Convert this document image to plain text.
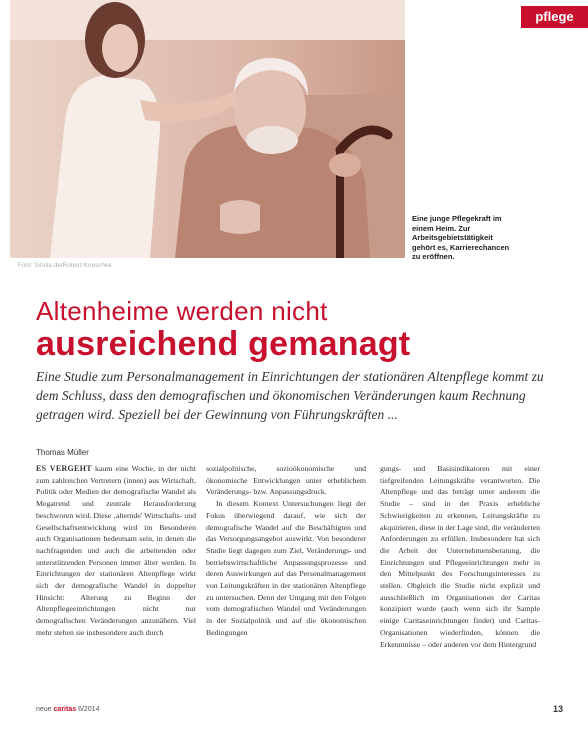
pflege
Foto: fotolia.de/Robert Kneschke
Eine junge Pflegekraft im einem Heim. Zur Arbeitsgebietstätigkeit gehört es, Karrierechancen zu eröffnen.
Altenheime werden nicht
ausreichend gemanagt
Eine Studie zum Personalmanagement in Einrichtungen der stationären Altenpflege kommt zu dem Schluss, dass den demografischen und ökonomischen Veränderungen kaum Rechnung getragen wird. Speziell bei der Gewinnung von Führungskräften ...
Thomas Müller

ES VERGEHT kaum eine Woche, in der nicht zum zahlreichen Vertretern (innen) aus Wirtschaft, Politik oder Medien der demografische Wandel als Megatrend und zentrale Herausforderung beschworen wird. Diese ‚alternde' Wirtschafts- und Gesellschaftsentwicklung wird im Besonderen auch Organisationen bedeutsam sein, in denen die nachfragenden und auch die arbeitenden oder unterstützenden Personen immer älter werden. In Einrichtungen der stationären Altenpflege wirkt sich der demografische Wandel in doppelter Hinsicht: Alterung zu Beginn der Altenpflegeeinrichtungen nicht nur demografischen Veränderungen anzunähern. Viel mehr stehen sie insbesondere auch durch

sozialpolitische, sozioökonomische und ökonomische Entwicklungen unter erheblichem Veränderungs- bzw. Anpassungsdruck.

In diesem Kontext Untersuchungen liegt der Fokus überwiegend darauf, wie sich der demografische Wandel auf die Beschäftigten und das Versorgungsangebot auswirkt. Von besonderer Studie liegt dagegen zum Ziel, Veränderungs- und betriebswirtschaftliche Anpassungsprozesse und deren Auswirkungen auf das Personalmanagement von Leitungskräften in der stationären Altenpflege zu untersuchen. Denn der Umgang mit den Folgen vom demografischen Wandel und Veränderungen in der Sozialpolitik und auf die ökonomischen Bedingungen

gungs- und Basisindikatoren mit einer tiefgreifenden Leitungskräfte verantworten. Die Altenpflege und das beträgt unter anderem die Studie – sind in der Praxis erhebliche Schwierigkeiten zu erkennen, Leitungskräfte zu akquirieren, diese in der Lage sind, die veränderten Anforderungen zu erfüllen. Insbesondere hat sich die Arbeit der Unternehmensberatung, die Einrichtungen und Pflegeeinrichtungen mehr in den Mittelpunkt des Forschungsinteresses zu stellen. Obgleich die Studie nicht explizit und ausschließlich im Organisationen der Caritas konzipiert wurde (auch wenn sich ihr Sample einige Caritaseinrichtungen findet) und Caritas-Organisationen wiederfinden, können die Erkenntnisse – oder anderen vor dem Hintergrund

neue caritas 6/2014	13
